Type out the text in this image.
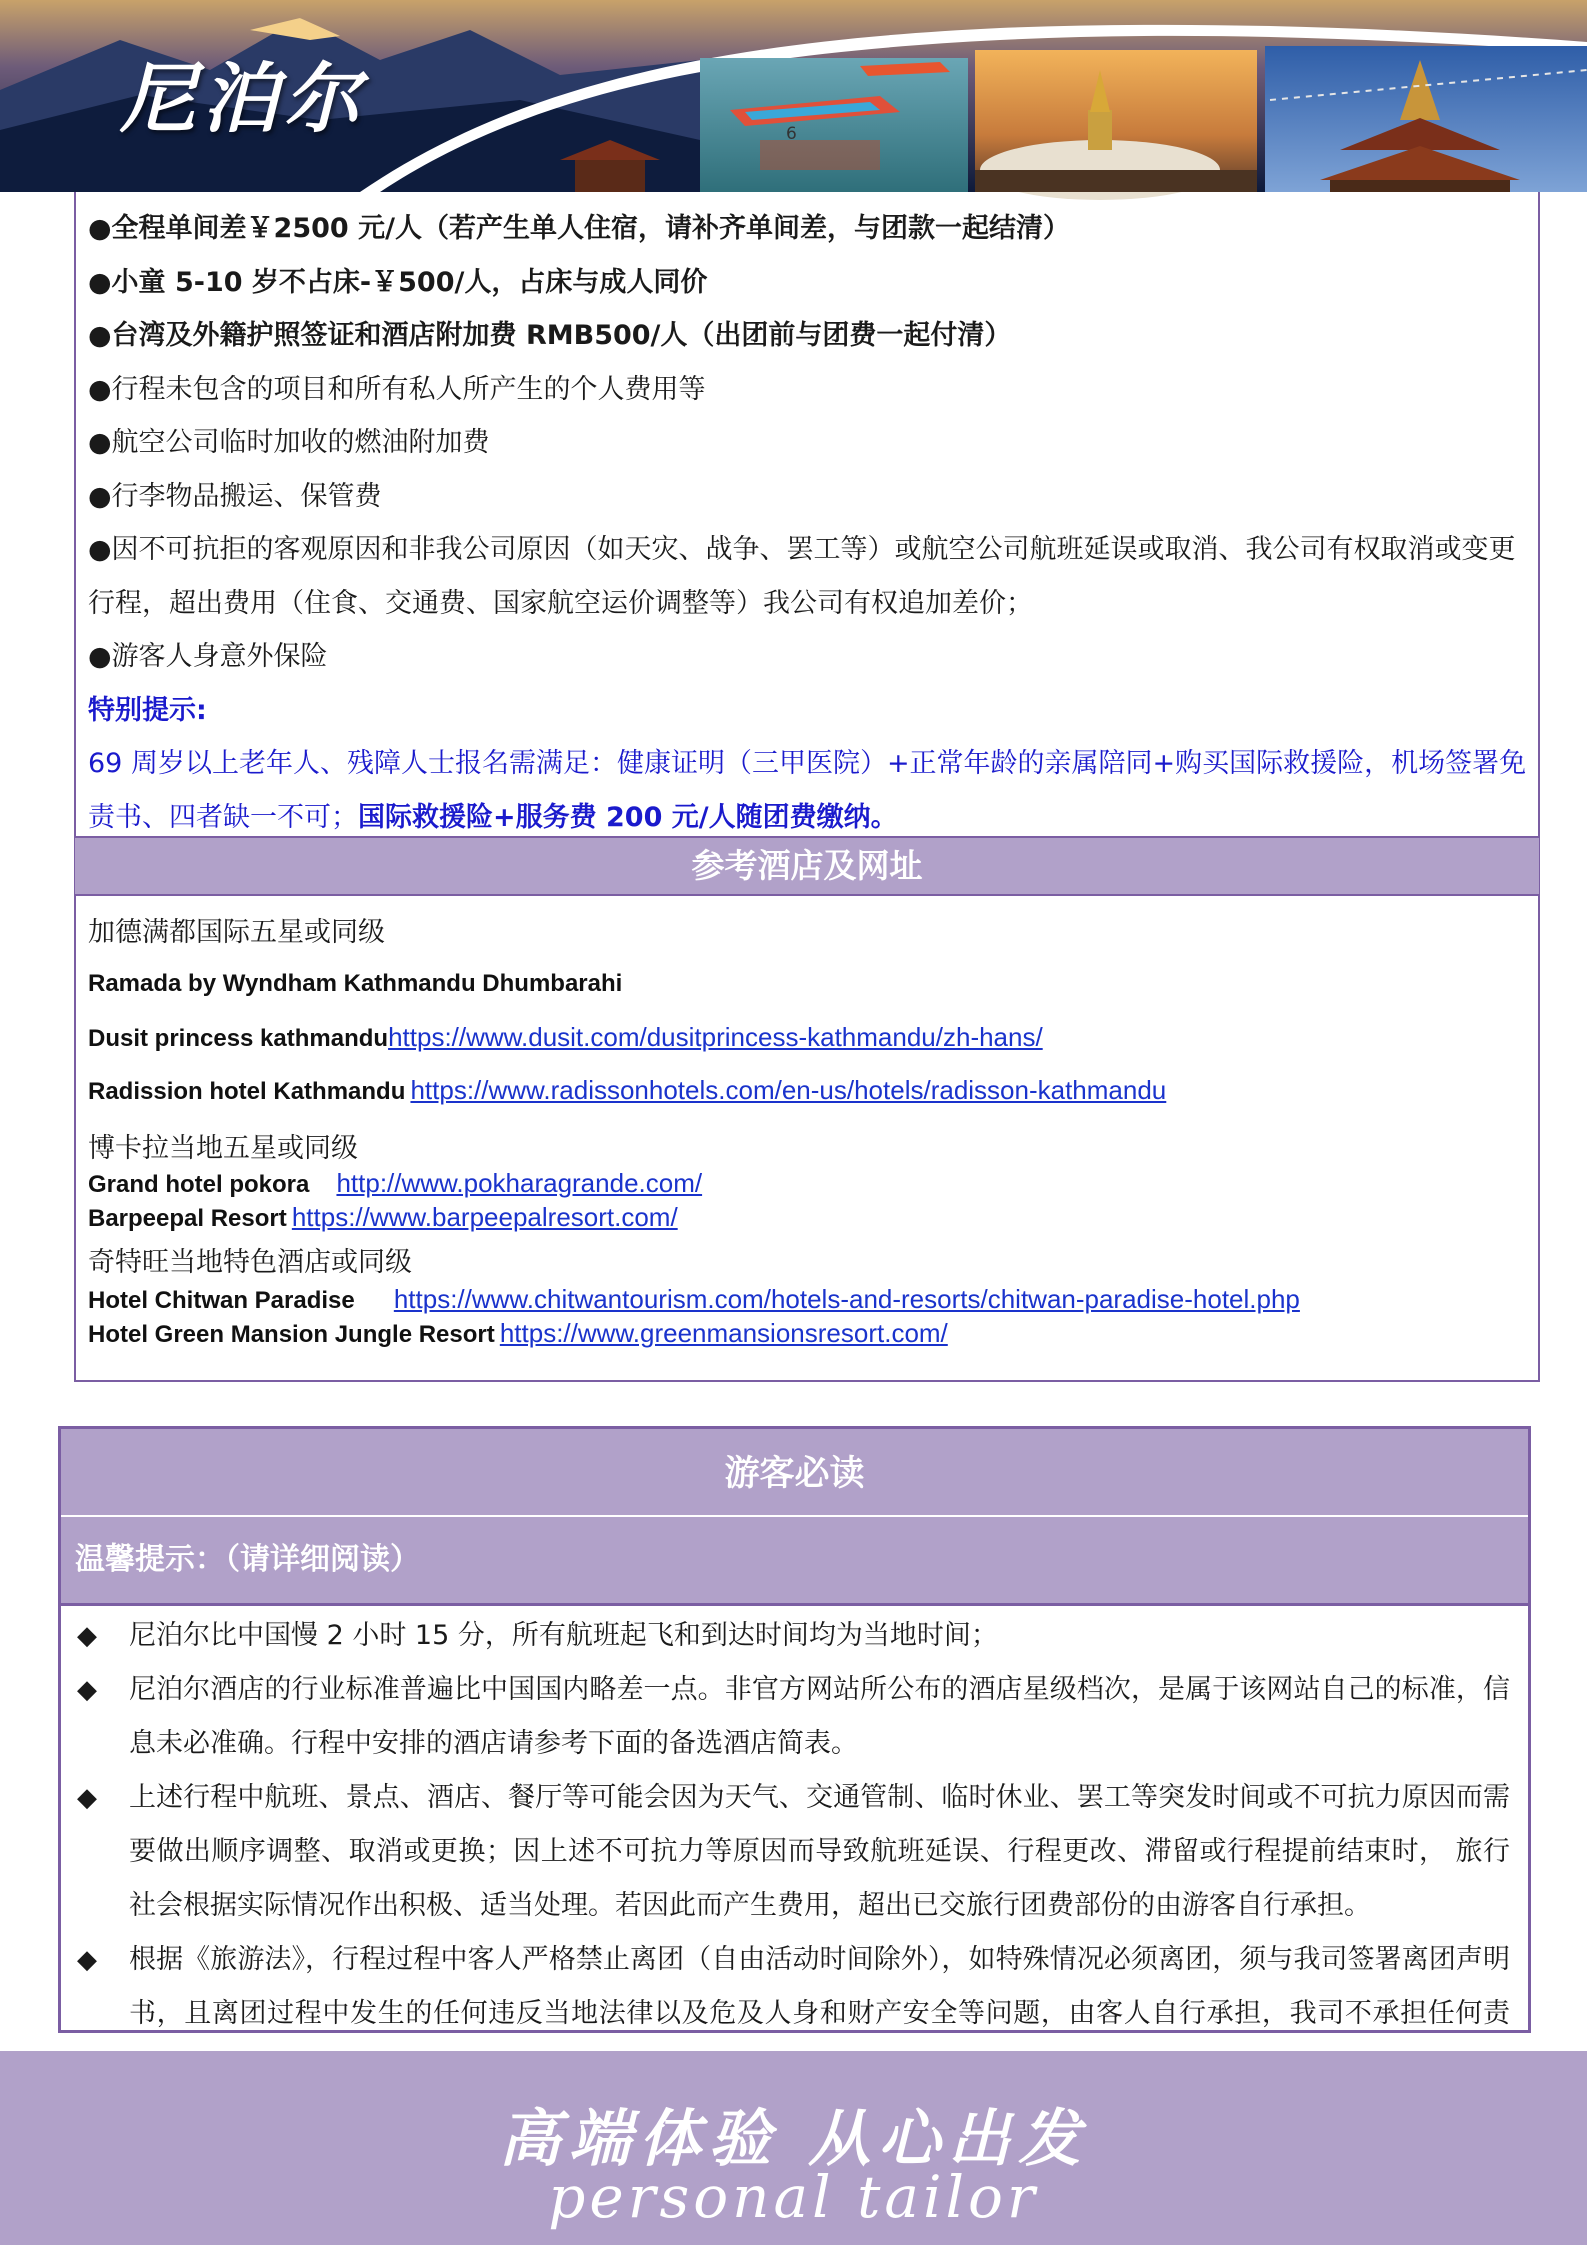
尼泊尔	6
●全程单间差￥2500 元/人（若产生单人住宿，请补齐单间差，与团款一起结清）
●小童 5-10 岁不占床-￥500/人，占床与成人同价
●台湾及外籍护照签证和酒店附加费 RMB500/人（出团前与团费一起付清）
●行程未包含的项目和所有私人所产生的个人费用等
●航空公司临时加收的燃油附加费
●行李物品搬运、保管费
●因不可抗拒的客观原因和非我公司原因（如天灾、战争、罢工等）或航空公司航班延误或取消、我公司有权取消或变更行程，超出费用（住食、交通费、国家航空运价调整等）我公司有权追加差价；
●游客人身意外保险
特别提示:
69 周岁以上老年人、残障人士报名需满足：健康证明（三甲医院）+正常年龄的亲属陪同+购买国际救援险，机场签署免责书、四者缺一不可；国际救援险+服务费 200 元/人随团费缴纳。
参考酒店及网址
加德满都国际五星或同级
Ramada by Wyndham Kathmandu Dhumbarahi
Dusit princess kathmanduhttps://www.dusit.com/dusitprincess-kathmandu/zh-hans/
Radission hotel Kathmandu https://www.radissonhotels.com/en-us/hotels/radisson-kathmandu
博卡拉当地五星或同级
Grand hotel pokora http://www.pokharagrande.com/
Barpeepal Resort https://www.barpeepalresort.com/
奇特旺当地特色酒店或同级
Hotel Chitwan Paradise https://www.chitwantourism.com/hotels-and-resorts/chitwan-paradise-hotel.php
Hotel Green Mansion Jungle Resort https://www.greenmansionsresort.com/
游客必读
温馨提示：（请详细阅读）
◆ 尼泊尔比中国慢 2 小时 15 分，所有航班起飞和到达时间均为当地时间；
◆ 尼泊尔酒店的行业标准普遍比中国国内略差一点。非官方网站所公布的酒店星级档次，是属于该网站自己的标准，信息未必准确。行程中安排的酒店请参考下面的备选酒店简表。
◆ 上述行程中航班、景点、酒店、餐厅等可能会因为天气、交通管制、临时休业、罢工等突发时间或不可抗力原因而需要做出顺序调整、取消或更换；因上述不可抗力等原因而导致航班延误、行程更改、滞留或行程提前结束时， 旅行社会根据实际情况作出积极、适当处理。若因此而产生费用，超出已交旅行团费部份的由游客自行承担。
◆ 根据《旅游法》，行程过程中客人严格禁止离团（自由活动时间除外），如特殊情况必须离团，须与我司签署离团声明书，且离团过程中发生的任何违反当地法律以及危及人身和财产安全等问题，由客人自行承担，我司不承担任何责
高端体验 从心出发
personal tailor
